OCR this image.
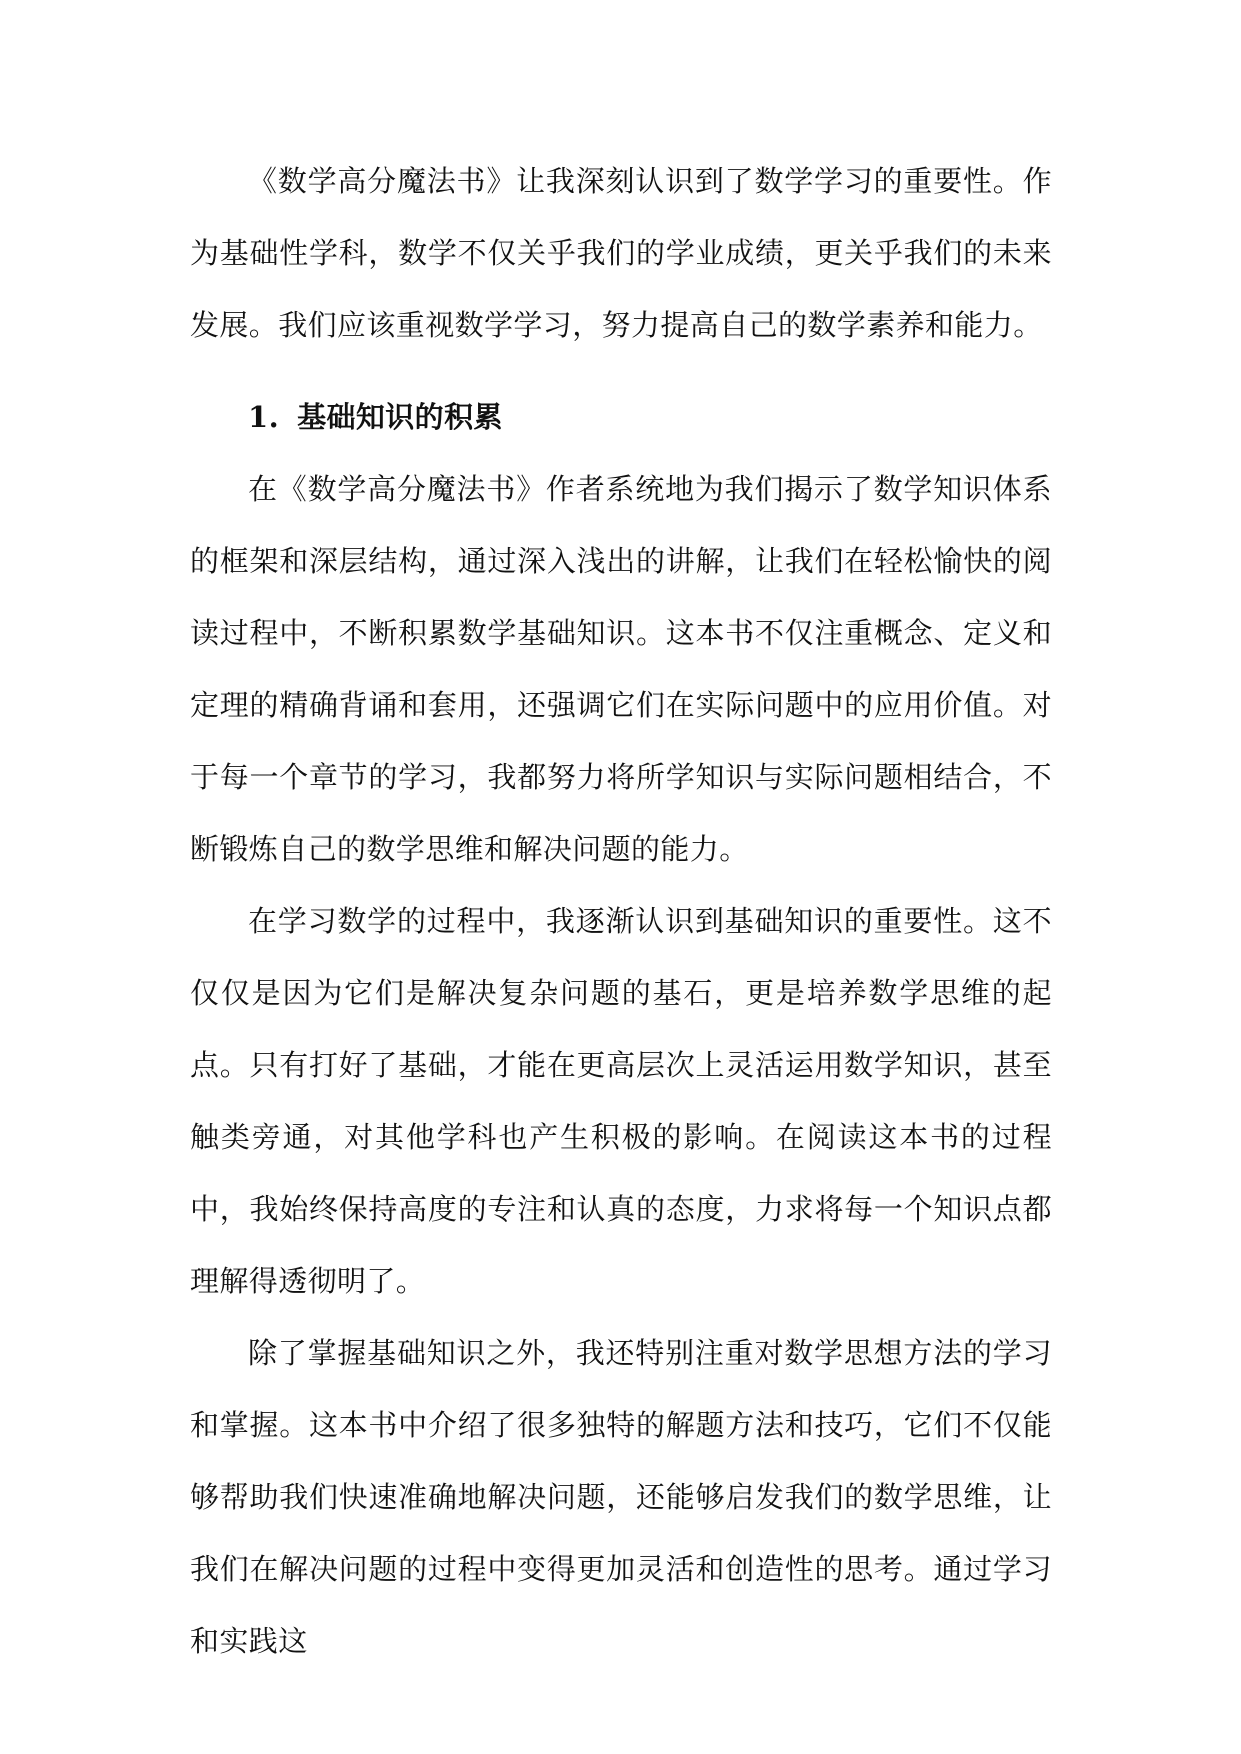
《数学高分魔法书》让我深刻认识到了数学学习的重要性。作为基础性学科，数学不仅关乎我们的学业成绩，更关乎我们的未来发展。我们应该重视数学学习，努力提高自己的数学素养和能力。

1. 基础知识的积累

在《数学高分魔法书》作者系统地为我们揭示了数学知识体系的框架和深层结构，通过深入浅出的讲解，让我们在轻松愉快的阅读过程中，不断积累数学基础知识。这本书不仅注重概念、定义和定理的精确背诵和套用，还强调它们在实际问题中的应用价值。对于每一个章节的学习，我都努力将所学知识与实际问题相结合，不断锻炼自己的数学思维和解决问题的能力。

在学习数学的过程中，我逐渐认识到基础知识的重要性。这不仅仅是因为它们是解决复杂问题的基石，更是培养数学思维的起点。只有打好了基础，才能在更高层次上灵活运用数学知识，甚至触类旁通，对其他学科也产生积极的影响。在阅读这本书的过程中，我始终保持高度的专注和认真的态度，力求将每一个知识点都理解得透彻明了。

除了掌握基础知识之外，我还特别注重对数学思想方法的学习和掌握。这本书中介绍了很多独特的解题方法和技巧，它们不仅能够帮助我们快速准确地解决问题，还能够启发我们的数学思维，让我们在解决问题的过程中变得更加灵活和创造性的思考。通过学习和实践这
